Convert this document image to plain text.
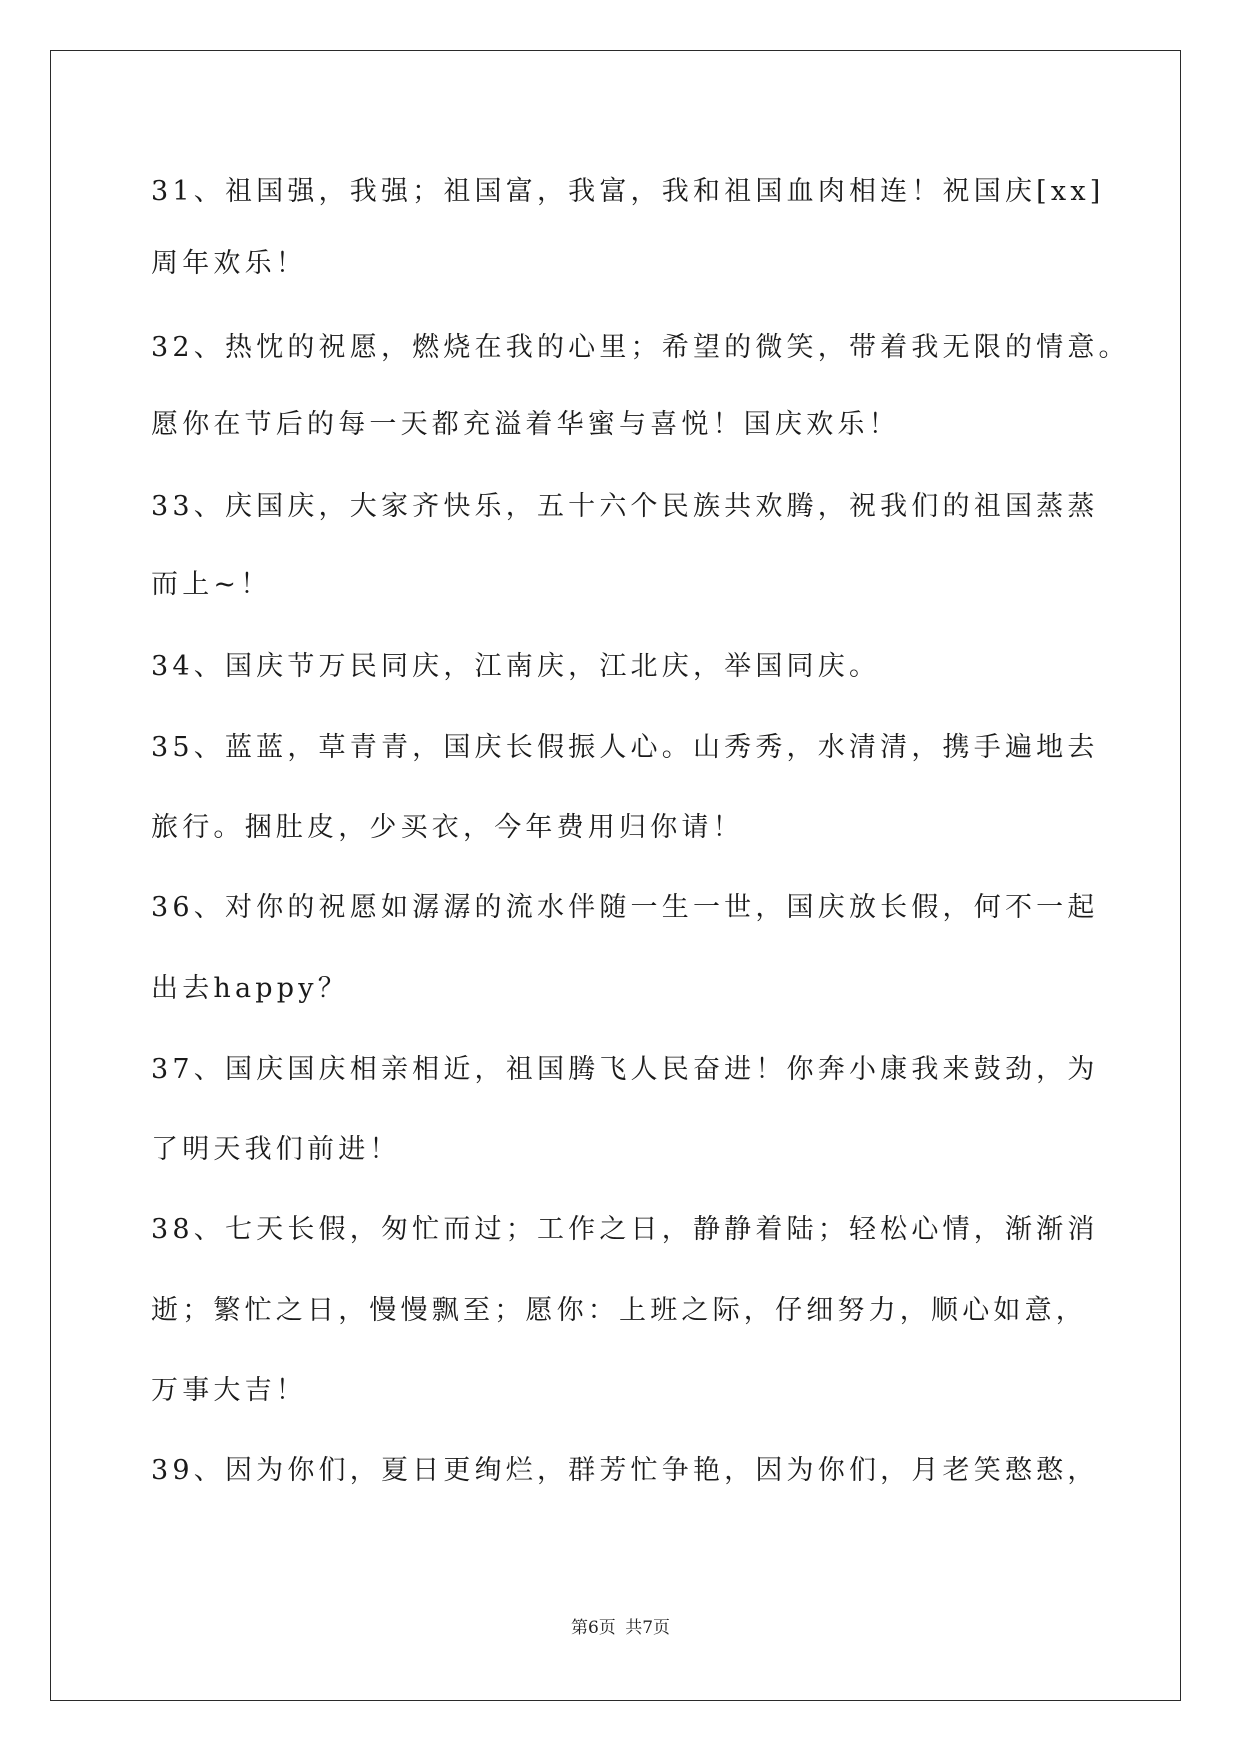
31、祖国强，我强；祖国富，我富，我和祖国血肉相连！祝国庆[xx]
周年欢乐！
32、热忱的祝愿，燃烧在我的心里；希望的微笑，带着我无限的情意。
愿你在节后的每一天都充溢着华蜜与喜悦！国庆欢乐！
33、庆国庆，大家齐快乐，五十六个民族共欢腾，祝我们的祖国蒸蒸
而上~！
34、国庆节万民同庆，江南庆，江北庆，举国同庆。
35、蓝蓝，草青青，国庆长假振人心。山秀秀，水清清，携手遍地去
旅行。捆肚皮，少买衣，今年费用归你请！
36、对你的祝愿如潺潺的流水伴随一生一世，国庆放长假，何不一起
出去happy？
37、国庆国庆相亲相近，祖国腾飞人民奋进！你奔小康我来鼓劲，为
了明天我们前进！
38、七天长假，匆忙而过；工作之日，静静着陆；轻松心情，渐渐消
逝；繁忙之日，慢慢飘至；愿你：上班之际，仔细努力，顺心如意，
万事大吉！
39、因为你们，夏日更绚烂，群芳忙争艳，因为你们，月老笑憨憨，
第6页 共7页
